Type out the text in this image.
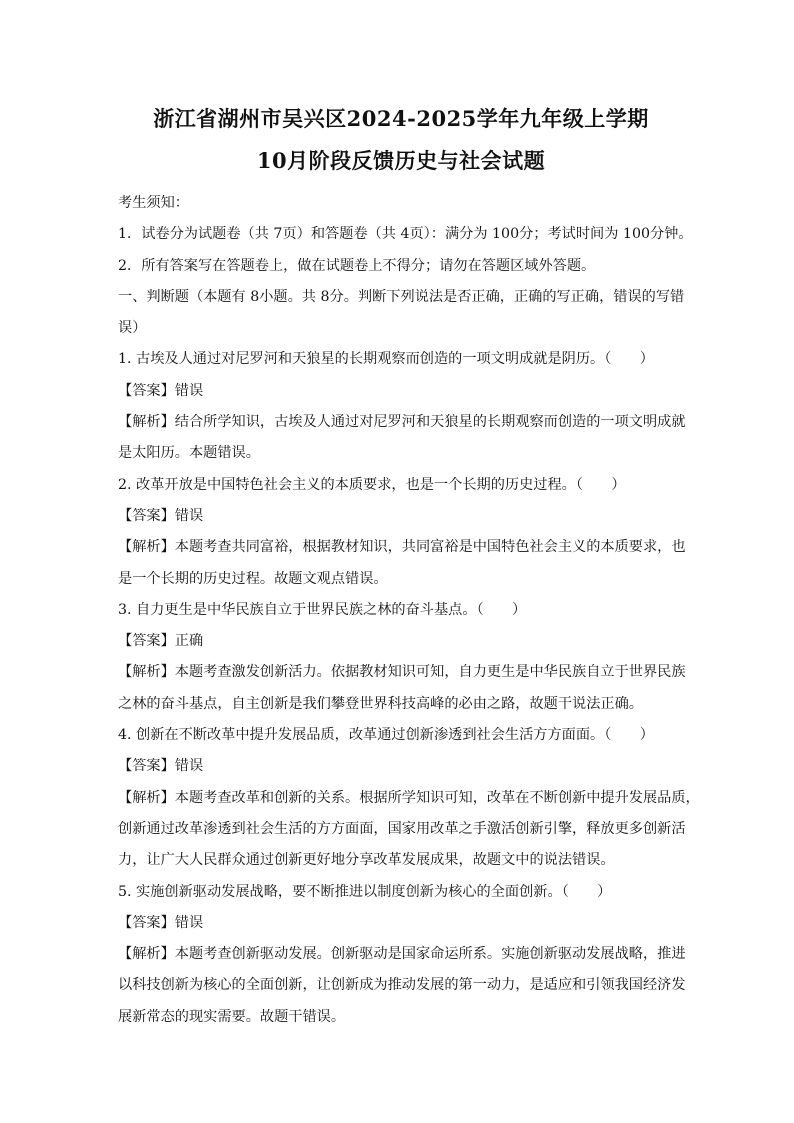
浙江省湖州市吴兴区2024-2025学年九年级上学期
10月阶段反馈历史与社会试题

考生须知：

1．试卷分为试题卷（共 7页）和答题卷（共 4页）：满分为 100分；考试时间为 100分钟。

2．所有答案写在答题卷上，做在试题卷上不得分；请勿在答题区域外答题。

一、判断题（本题有 8小题。共 8分。判断下列说法是否正确，正确的写正确，错误的写错

误）

1. 古埃及人通过对尼罗河和天狼星的长期观察而创造的一项文明成就是阴历。（　　）

【答案】错误

【解析】结合所学知识，古埃及人通过对尼罗河和天狼星的长期观察而创造的一项文明成就

是太阳历。本题错误。

2. 改革开放是中国特色社会主义的本质要求，也是一个长期的历史过程。（　　）

【答案】错误

【解析】本题考查共同富裕，根据教材知识，共同富裕是中国特色社会主义的本质要求，也

是一个长期的历史过程。故题文观点错误。

3. 自力更生是中华民族自立于世界民族之林的奋斗基点。（　　）

【答案】正确

【解析】本题考查激发创新活力。依据教材知识可知，自力更生是中华民族自立于世界民族

之林的奋斗基点，自主创新是我们攀登世界科技高峰的必由之路，故题干说法正确。

4. 创新在不断改革中提升发展品质，改革通过创新渗透到社会生活方方面面。（　　）

【答案】错误

【解析】本题考查改革和创新的关系。根据所学知识可知，改革在不断创新中提升发展品质，

创新通过改革渗透到社会生活的方方面面，国家用改革之手激活创新引擎，释放更多创新活

力，让广大人民群众通过创新更好地分享改革发展成果，故题文中的说法错误。

5. 实施创新驱动发展战略，要不断推进以制度创新为核心的全面创新。（　　）

【答案】错误

【解析】本题考查创新驱动发展。创新驱动是国家命运所系。实施创新驱动发展战略，推进

以科技创新为核心的全面创新，让创新成为推动发展的第一动力，是适应和引领我国经济发

展新常态的现实需要。故题干错误。
